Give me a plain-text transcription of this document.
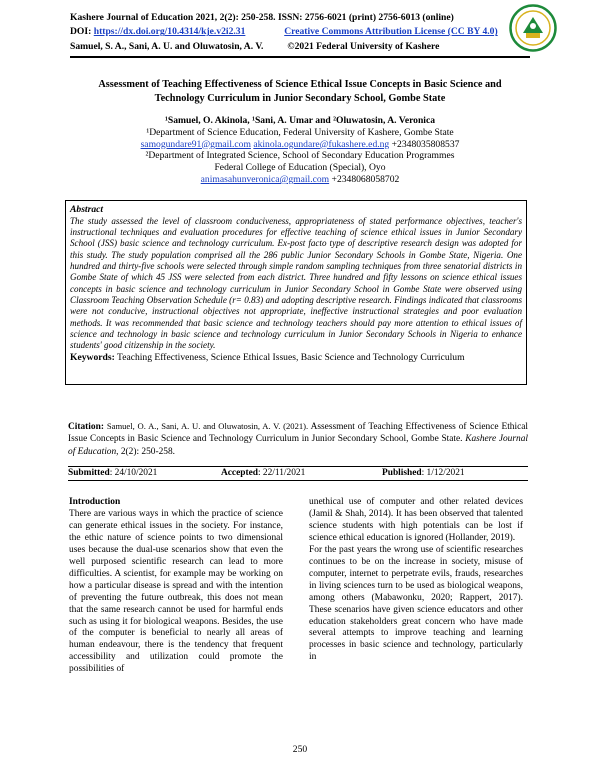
Kashere Journal of Education 2021, 2(2): 250-258. ISSN: 2756-6021 (print) 2756-6013 (online)
DOI: https://dx.doi.org/10.4314/kje.v2i2.31	Creative Commons Attribution License (CC BY 4.0)
Samuel, S. A., Sani, A. U. and Oluwatosin, A. V.          ©2021 Federal University of Kashere
Assessment of Teaching Effectiveness of Science Ethical Issue Concepts in Basic Science and Technology Curriculum in Junior Secondary School, Gombe State
¹Samuel, O. Akinola, ¹Sani, A. Umar and ²Oluwatosin, A. Veronica
¹Department of Science Education, Federal University of Kashere, Gombe State
samogundare91@gmail.com akinola.ogundare@fukashere.ed.ng +2348035808537
²Department of Integrated Science, School of Secondary Education Programmes
Federal College of Education (Special), Oyo
animasahunveronica@gmail.com +2348068058702
Abstract
The study assessed the level of classroom conduciveness, appropriateness of stated performance objectives, teacher's instructional techniques and evaluation procedures for effective teaching of science ethical issues in Junior Secondary School (JSS) basic science and technology curriculum. Ex-post facto type of descriptive research design was adopted for this study. The study population comprised all the 286 public Junior Secondary Schools in Gombe State, Nigeria. One hundred and thirty-five schools were selected through simple random sampling techniques from three senatorial districts in Gombe State of which 45 JSS were selected from each district. Three hundred and fifty lessons on science ethical issues concepts in basic science and technology curriculum in Junior Secondary School in Gombe State were observed using Classroom Teaching Observation Schedule (r= 0.83) and adopting descriptive research. Findings indicated that classrooms were not conducive, instructional objectives not appropriate, ineffective instructional strategies and poor evaluation methods. It was recommended that basic science and technology teachers should pay more attention to ethical issues of science and technology in basic science and technology curriculum in Junior Secondary Schools in Nigeria to enhance students' good citizenship in the society.
Keywords: Teaching Effectiveness, Science Ethical Issues, Basic Science and Technology Curriculum
Citation: Samuel, O. A., Sani, A. U. and Oluwatosin, A. V. (2021). Assessment of Teaching Effectiveness of Science Ethical Issue Concepts in Basic Science and Technology Curriculum in Junior Secondary School, Gombe State. Kashere Journal of Education, 2(2): 250-258.
Submitted: 24/10/2021	Accepted: 22/11/2021	Published: 1/12/2021
Introduction

There are various ways in which the practice of science can generate ethical issues in the society. For instance, the ethic nature of science points to two dimensional uses because the dual-use scenarios show that even the well purposed scientific research can lead to more difficulties. A scientist, for example may be working on how a particular disease is spread and with the intention of preventing the future outbreak, this does not mean that the same research cannot be used for harmful ends such as using it for biological weapons. Besides, the use of the computer is beneficial to nearly all areas of human endeavour, there is the tendency that frequent accessibility and utilization could promote the possibilities of

unethical use of computer and other related devices (Jamil & Shah, 2014). It has been observed that talented science students with high potentials can be lost if science ethical education is ignored (Hollander, 2019).

For the past years the wrong use of scientific researches continues to be on the increase in society, misuse of computer, internet to perpetrate evils, frauds, researches in living sciences turn to be used as biological weapons, among others (Mabawonku, 2020; Rappert, 2017). These scenarios have given science educators and other education stakeholders great concern who have made several attempts to improve teaching and learning processes in basic science and technology, particularly in

250
